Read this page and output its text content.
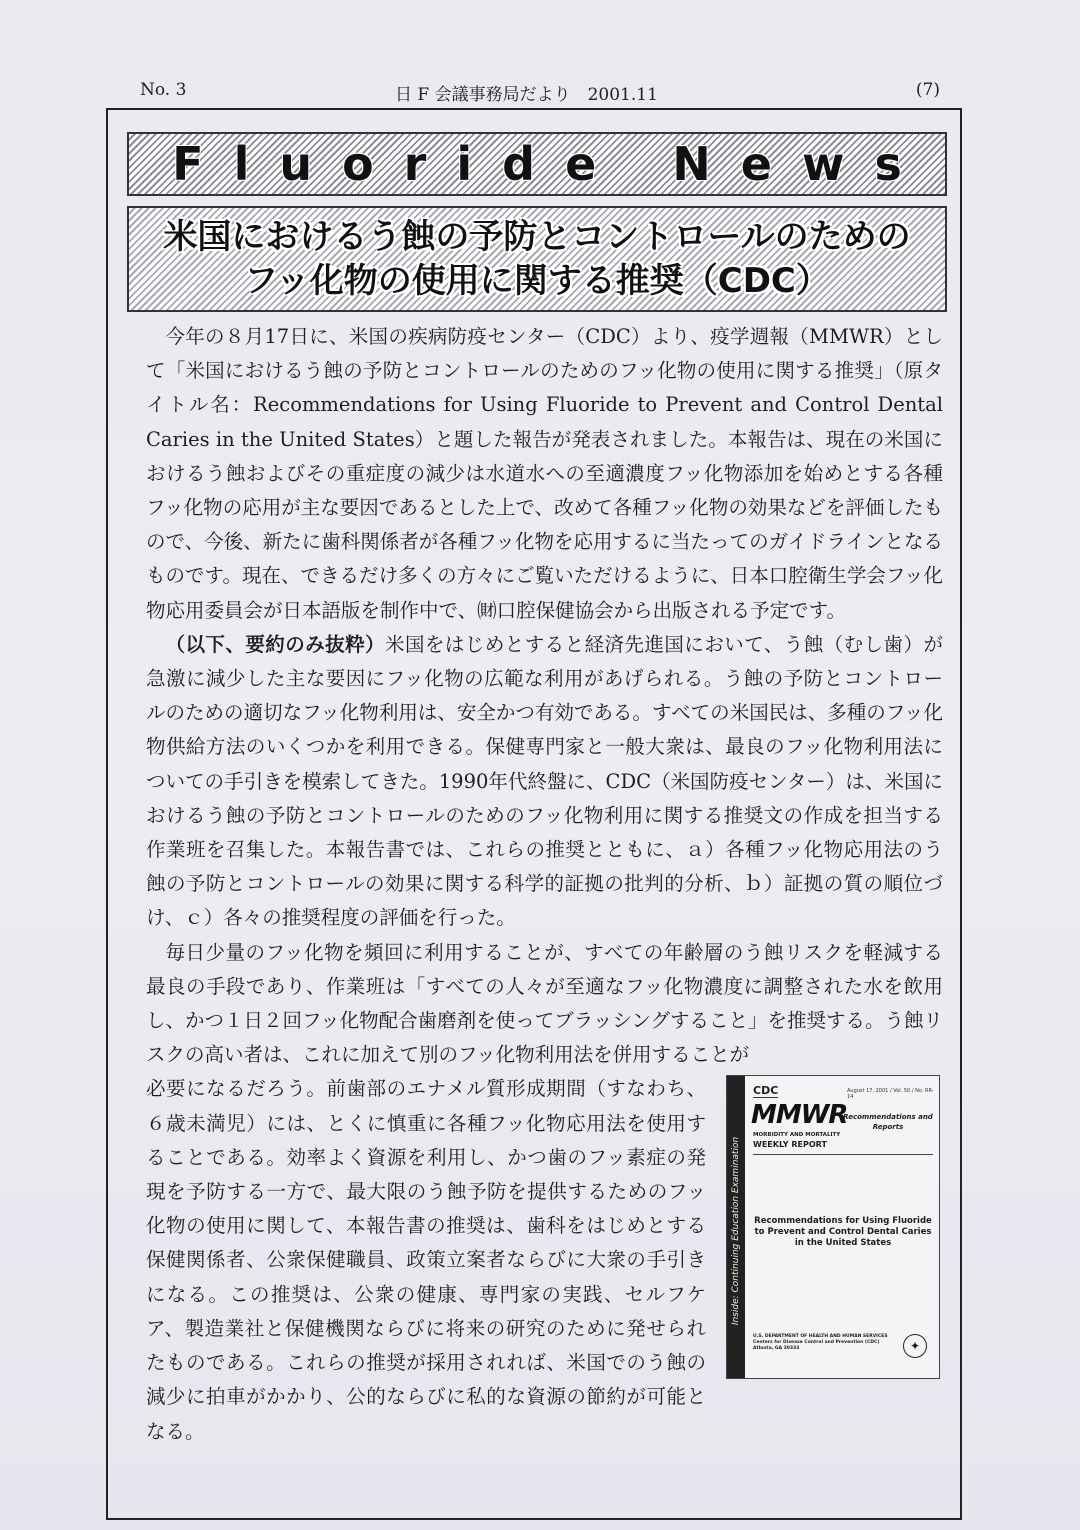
No. 3	日 F 会議事務局だより　2001.11	(7)
Fluoride News
米国におけるう蝕の予防とコントロールのための
フッ化物の使用に関する推奨（CDC）

今年の８月17日に、米国の疾病防疫センター（CDC）より、疫学週報（MMWR）として「米国におけるう蝕の予防とコントロールのためのフッ化物の使用に関する推奨」（原タイトル名：Recommendations for Using Fluoride to Prevent and Control Dental Caries in the United States）と題した報告が発表されました。本報告は、現在の米国におけるう蝕およびその重症度の減少は水道水への至適濃度フッ化物添加を始めとする各種フッ化物の応用が主な要因であるとした上で、改めて各種フッ化物の効果などを評価したもので、今後、新たに歯科関係者が各種フッ化物を応用するに当たってのガイドラインとなるものです。現在、できるだけ多くの方々にご覧いただけるように、日本口腔衛生学会フッ化物応用委員会が日本語版を制作中で、㈶口腔保健協会から出版される予定です。

（以下、要約のみ抜粋）米国をはじめとすると経済先進国において、う蝕（むし歯）が急激に減少した主な要因にフッ化物の広範な利用があげられる。う蝕の予防とコントロールのための適切なフッ化物利用は、安全かつ有効である。すべての米国民は、多種のフッ化物供給方法のいくつかを利用できる。保健専門家と一般大衆は、最良のフッ化物利用法についての手引きを模索してきた。1990年代終盤に、CDC（米国防疫センター）は、米国におけるう蝕の予防とコントロールのためのフッ化物利用に関する推奨文の作成を担当する作業班を召集した。本報告書では、これらの推奨とともに、ａ）各種フッ化物応用法のう蝕の予防とコントロールの効果に関する科学的証拠の批判的分析、ｂ）証拠の質の順位づけ、ｃ）各々の推奨程度の評価を行った。

毎日少量のフッ化物を頻回に利用することが、すべての年齢層のう蝕リスクを軽減する最良の手段であり、作業班は「すべての人々が至適なフッ化物濃度に調整された水を飲用し、かつ１日２回フッ化物配合歯磨剤を使ってブラッシングすること」を推奨する。う蝕リスクの高い者は、これに加えて別のフッ化物利用法を併用することが

必要になるだろう。前歯部のエナメル質形成期間（すなわち、６歳未満児）には、とくに慎重に各種フッ化物応用法を使用することである。効率よく資源を利用し、かつ歯のフッ素症の発現を予防する一方で、最大限のう蝕予防を提供するためのフッ化物の使用に関して、本報告書の推奨は、歯科をはじめとする保健関係者、公衆保健職員、政策立案者ならびに大衆の手引きになる。この推奨は、公衆の健康、専門家の実践、セルフケア、製造業社と保健機関ならびに将来の研究のために発せられたものである。これらの推奨が採用されれば、米国でのう蝕の減少に拍車がかかり、公的ならびに私的な資源の節約が可能となる。

Inside: Continuing Education Examination
CDC	August 17, 2001 / Vol. 50 / No. RR-14
MMWR
MORBIDITY AND MORTALITY
WEEKLY REPORT
Recommendations and Reports
Recommendations for Using Fluoride to Prevent and Control Dental Caries in the United States
U.S. DEPARTMENT OF HEALTH AND HUMAN SERVICES Centers for Disease Control and Prevention (CDC) Atlanta, GA 30333	✦
